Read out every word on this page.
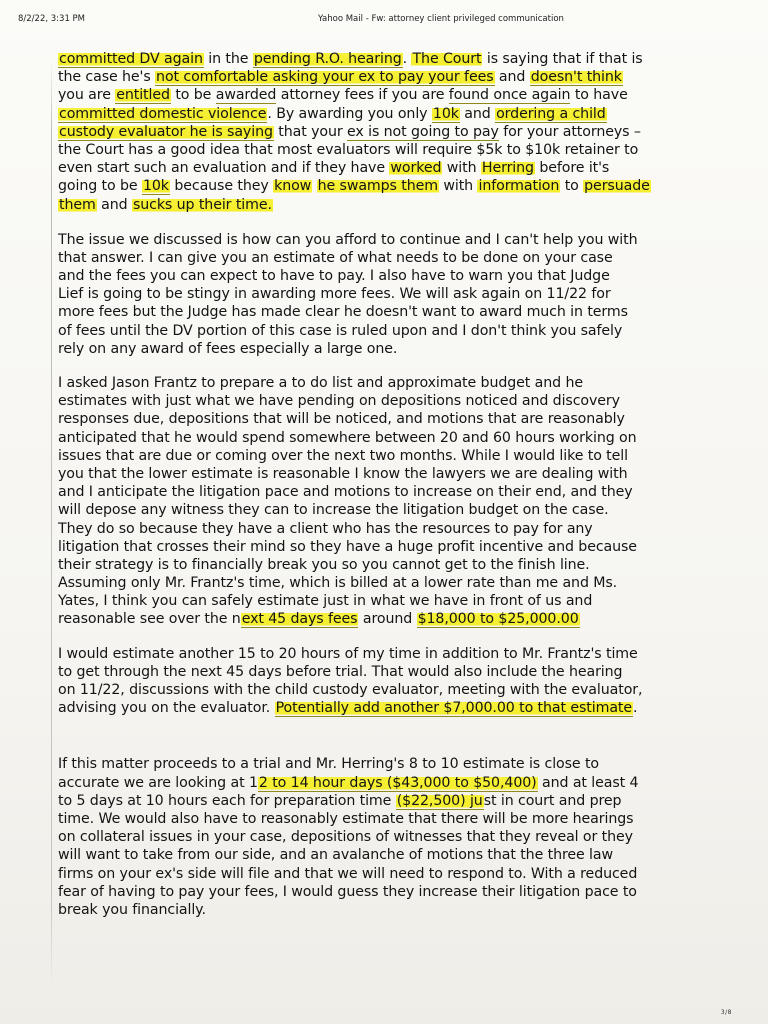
8/2/22, 3:31 PM	Yahoo Mail - Fw: attorney client privileged communication
committed DV again in the pending R.O. hearing. The Court is saying that if that is
the case he's not comfortable asking your ex to pay your fees and doesn't think
you are entitled to be awarded attorney fees if you are found once again to have
committed domestic violence. By awarding you only 10k and ordering a child
custody evaluator he is saying that your ex is not going to pay for your attorneys –
the Court has a good idea that most evaluators will require $5k to $10k retainer to
even start such an evaluation and if they have worked with Herring before it's
going to be 10k because they know he swamps them with information to persuade
them and sucks up their time.
The issue we discussed is how can you afford to continue and I can't help you with
that answer. I can give you an estimate of what needs to be done on your case
and the fees you can expect to have to pay. I also have to warn you that Judge
Lief is going to be stingy in awarding more fees. We will ask again on 11/22 for
more fees but the Judge has made clear he doesn't want to award much in terms
of fees until the DV portion of this case is ruled upon and I don't think you safely
rely on any award of fees especially a large one.
I asked Jason Frantz to prepare a to do list and approximate budget and he
estimates with just what we have pending on depositions noticed and discovery
responses due, depositions that will be noticed, and motions that are reasonably
anticipated that he would spend somewhere between 20 and 60 hours working on
issues that are due or coming over the next two months. While I would like to tell
you that the lower estimate is reasonable I know the lawyers we are dealing with
and I anticipate the litigation pace and motions to increase on their end, and they
will depose any witness they can to increase the litigation budget on the case.
They do so because they have a client who has the resources to pay for any
litigation that crosses their mind so they have a huge profit incentive and because
their strategy is to financially break you so you cannot get to the finish line.
Assuming only Mr. Frantz's time, which is billed at a lower rate than me and Ms.
Yates, I think you can safely estimate just in what we have in front of us and
reasonable see over the next 45 days fees around $18,000 to $25,000.00
I would estimate another 15 to 20 hours of my time in addition to Mr. Frantz's time
to get through the next 45 days before trial. That would also include the hearing
on 11/22, discussions with the child custody evaluator, meeting with the evaluator,
advising you on the evaluator. Potentially add another $7,000.00 to that estimate.
If this matter proceeds to a trial and Mr. Herring's 8 to 10 estimate is close to
accurate we are looking at 12 to 14 hour days ($43,000 to $50,400) and at least 4
to 5 days at 10 hours each for preparation time ($22,500) just in court and prep
time. We would also have to reasonably estimate that there will be more hearings
on collateral issues in your case, depositions of witnesses that they reveal or they
will want to take from our side, and an avalanche of motions that the three law
firms on your ex's side will file and that we will need to respond to. With a reduced
fear of having to pay your fees, I would guess they increase their litigation pace to
break you financially.
3/8
